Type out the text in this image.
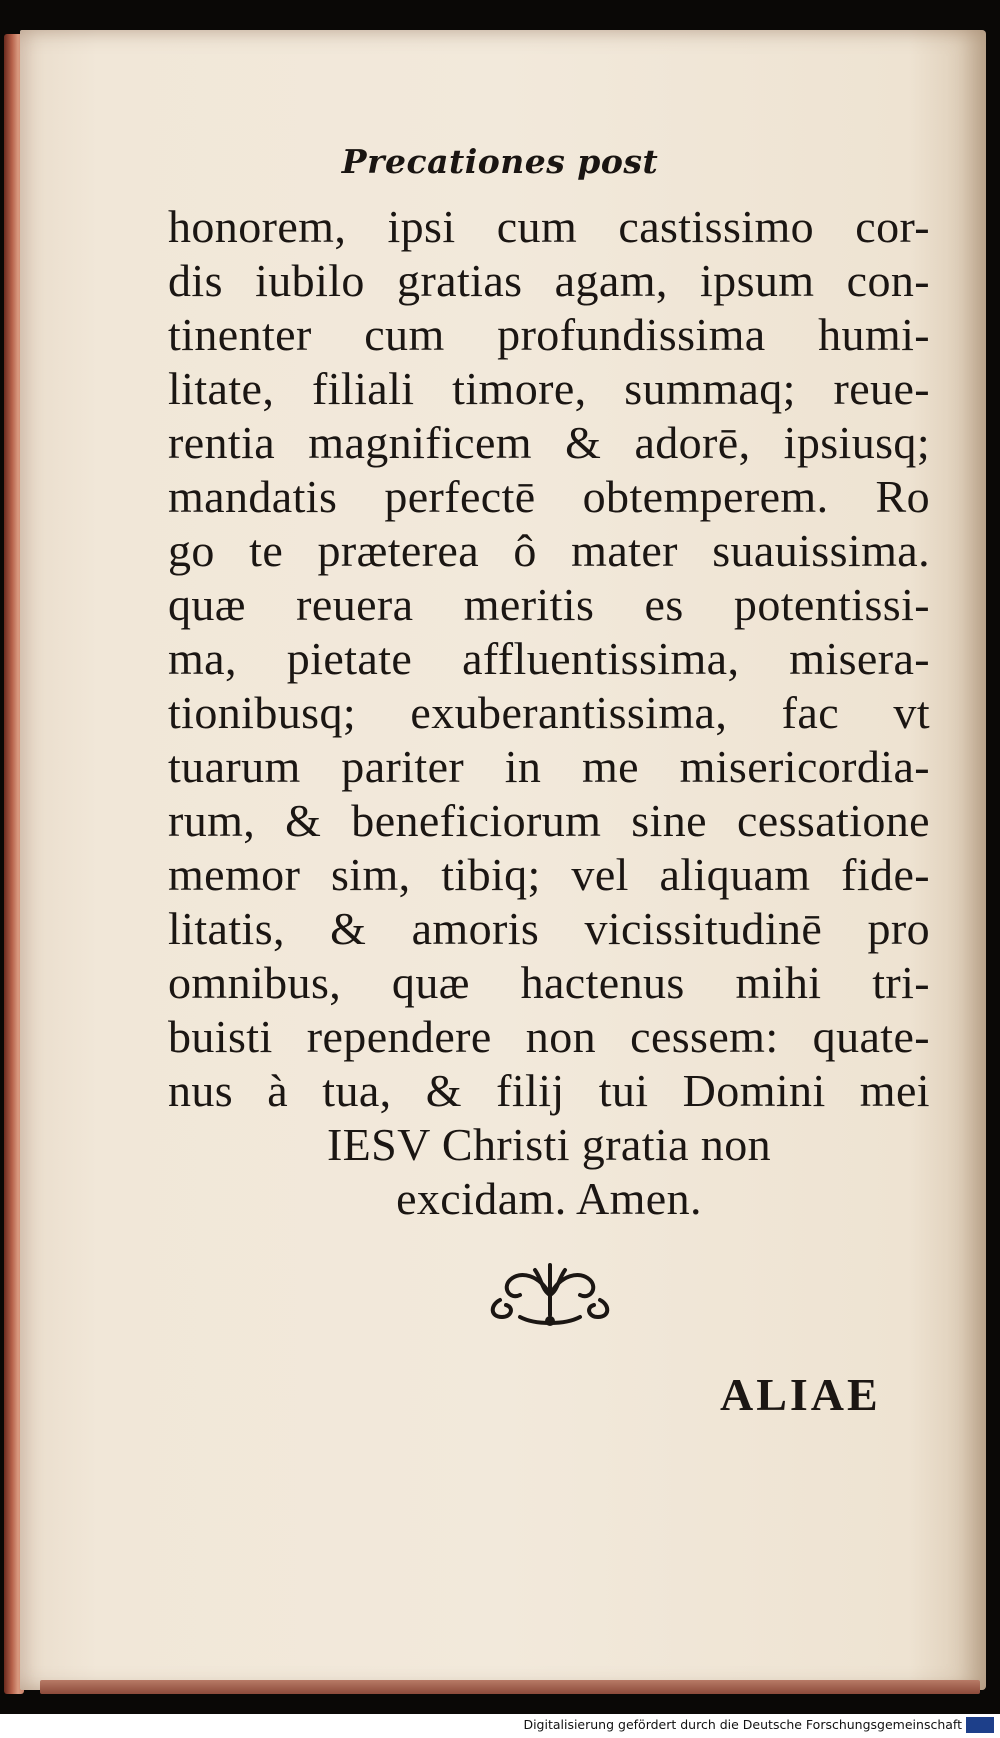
Precationes post
honorem, ipsi cum castissimo cor-
dis iubilo gratias agam, ipsum con-
tinenter cum profundissima humi-
litate, filiali timore, summaq; reue-
rentia magnificem & adorē, ipsiusq;
mandatis perfectē obtemperem. Ro
go te præterea ô mater suauissima.
quæ reuera meritis es potentissi-
ma, pietate affluentissima, misera-
tionibusq; exuberantissima, fac vt
tuarum pariter in me misericordia-
rum, & beneficiorum sine cessatione
memor sim, tibiq; vel aliquam fide-
litatis, & amoris vicissitudinē pro
omnibus, quæ hactenus mihi tri-
buisti rependere non cessem: quate-
nus à tua, & filij tui Domini mei
IESV Christi gratia non
excidam. Amen.
ALIAE
Digitalisierung gefördert durch die Deutsche Forschungsgemeinschaft
